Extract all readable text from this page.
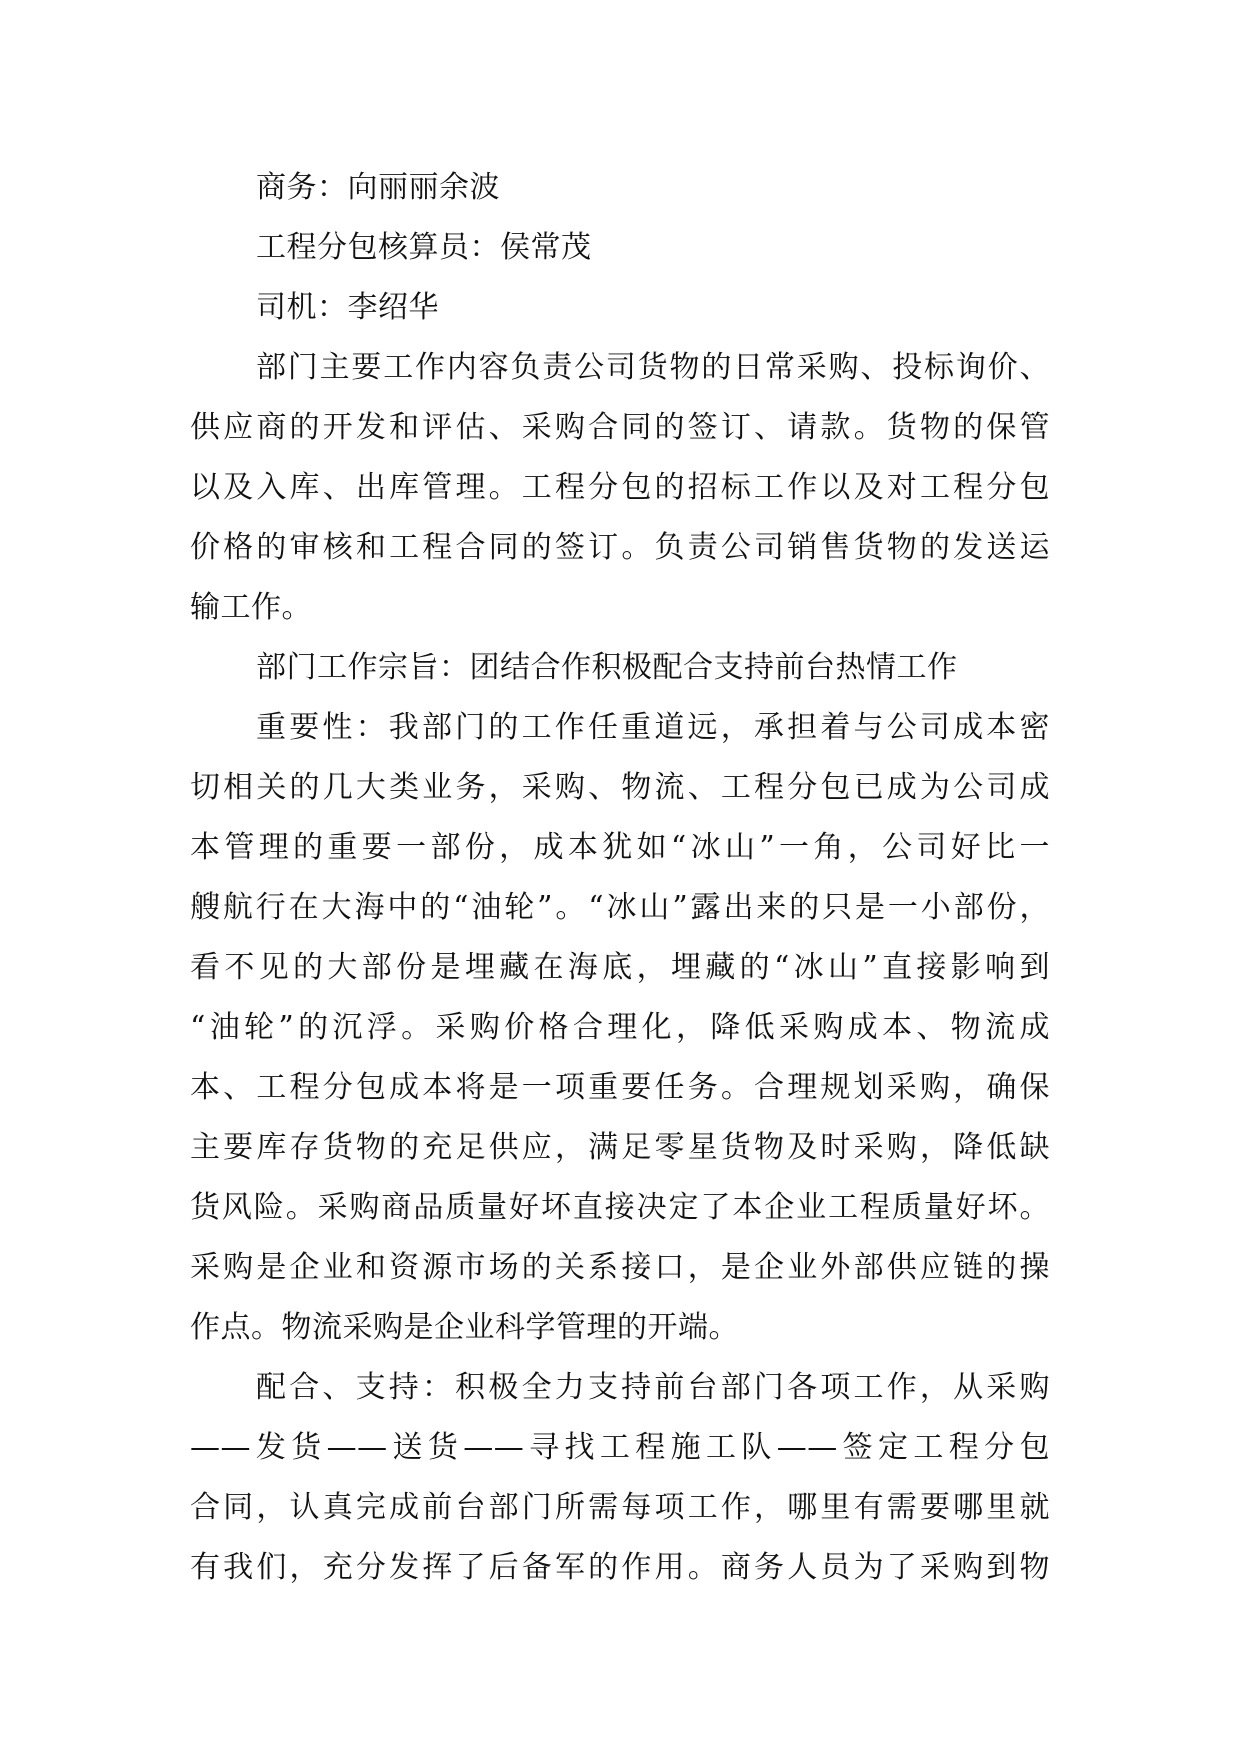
商务：向丽丽余波
工程分包核算员：侯常茂
司机：李绍华
部门主要工作内容负责公司货物的日常采购、投标询价、
供应商的开发和评估、采购合同的签订、请款。货物的保管
以及入库、出库管理。工程分包的招标工作以及对工程分包
价格的审核和工程合同的签订。负责公司销售货物的发送运
输工作。
部门工作宗旨：团结合作积极配合支持前台热情工作
重要性：我部门的工作任重道远，承担着与公司成本密
切相关的几大类业务，采购、物流、工程分包已成为公司成
本管理的重要一部份，成本犹如“冰山”一角，公司好比一
艘航行在大海中的“油轮”。“冰山”露出来的只是一小部份，
看不见的大部份是埋藏在海底，埋藏的“冰山”直接影响到
“油轮”的沉浮。采购价格合理化，降低采购成本、物流成
本、工程分包成本将是一项重要任务。合理规划采购，确保
主要库存货物的充足供应，满足零星货物及时采购，降低缺
货风险。采购商品质量好坏直接决定了本企业工程质量好坏。
采购是企业和资源市场的关系接口，是企业外部供应链的操
作点。物流采购是企业科学管理的开端。
配合、支持：积极全力支持前台部门各项工作，从采购
——发货——送货——寻找工程施工队——签定工程分包
合同，认真完成前台部门所需每项工作，哪里有需要哪里就
有我们，充分发挥了后备军的作用。商务人员为了采购到物
